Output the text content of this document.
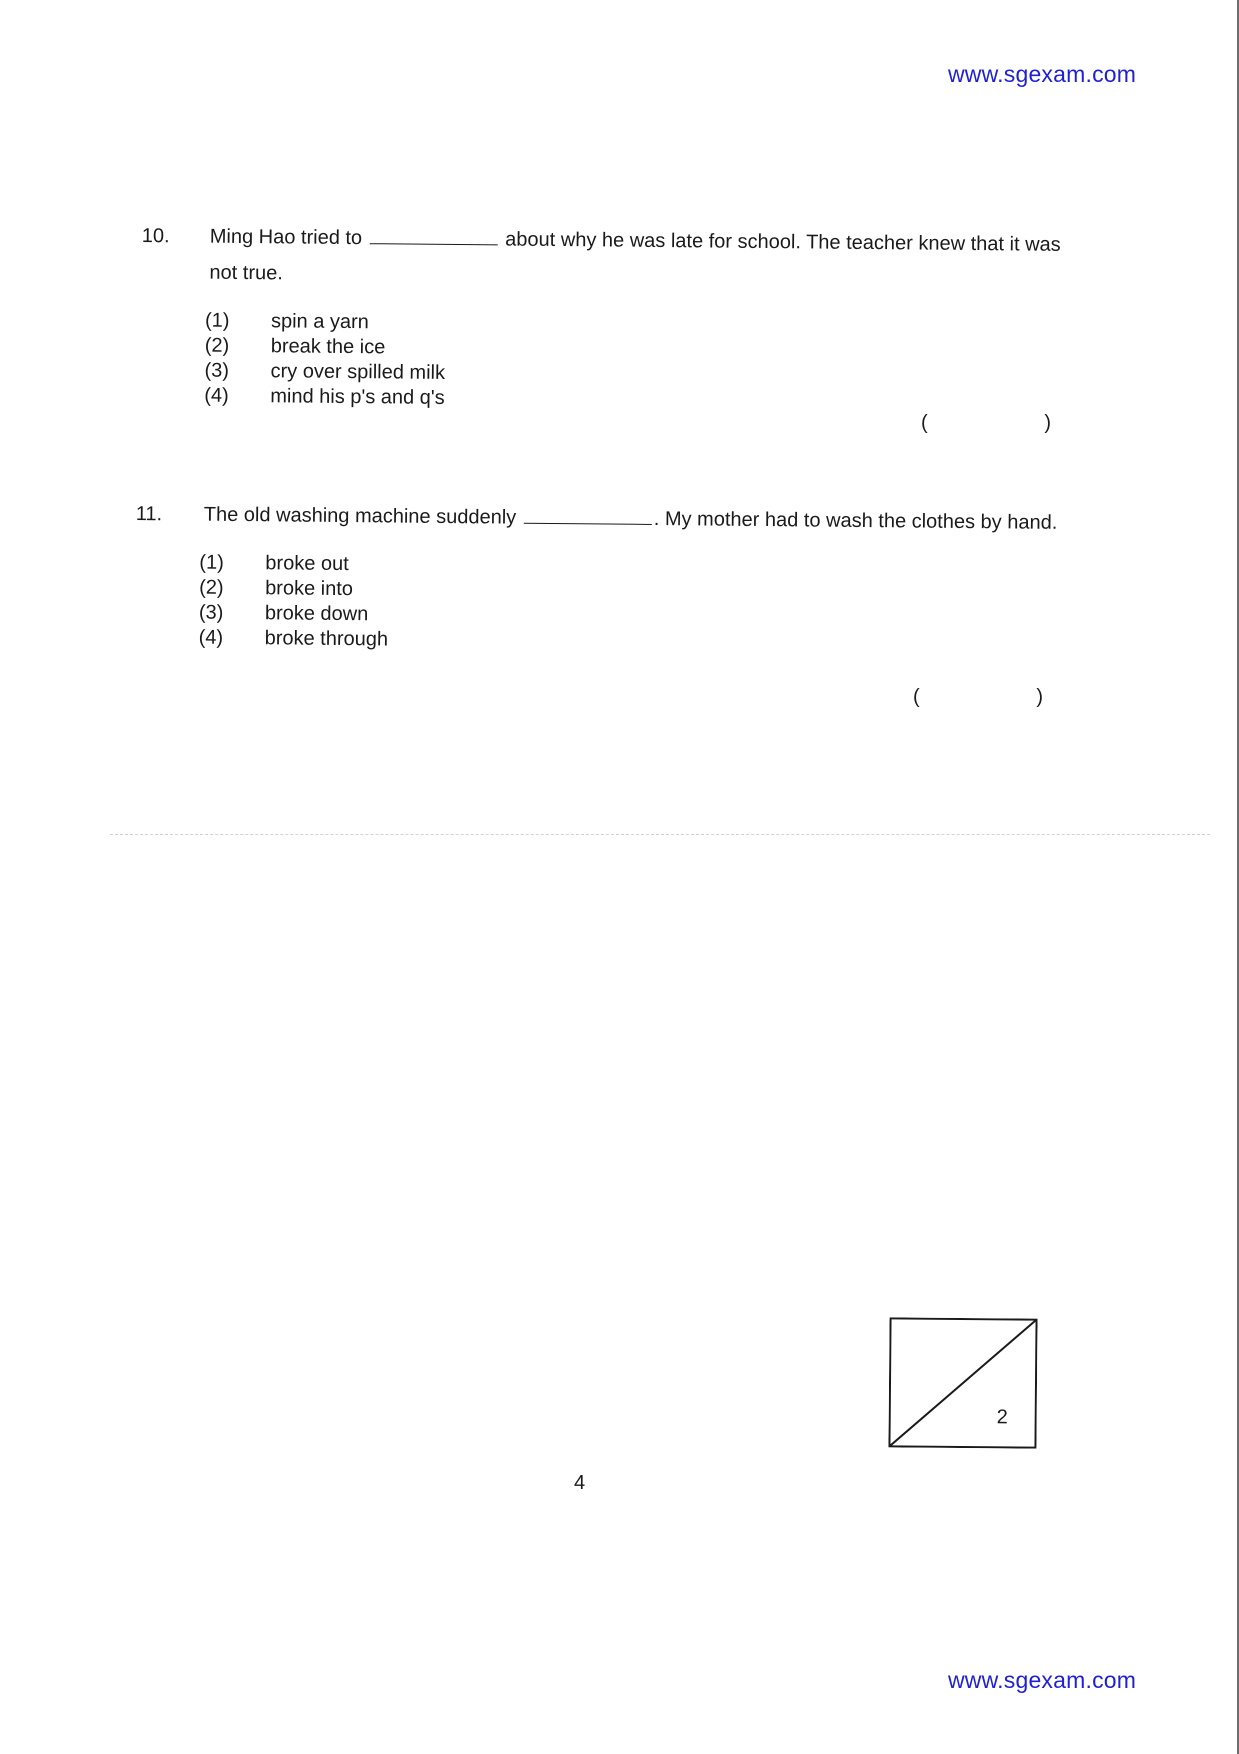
www.sgexam.com
10. Ming Hao tried to	about why he was late for school. The teacher knew that it was not true.
(1)	spin a yarn
(2)	break the ice
(3)	cry over spilled milk
(4)	mind his p's and q's
(	)
11. The old washing machine suddenly	. My mother had to wash the clothes by hand.
(1)	broke out
(2)	broke into
(3)	broke down
(4)	broke through
(	)
2
4
www.sgexam.com
